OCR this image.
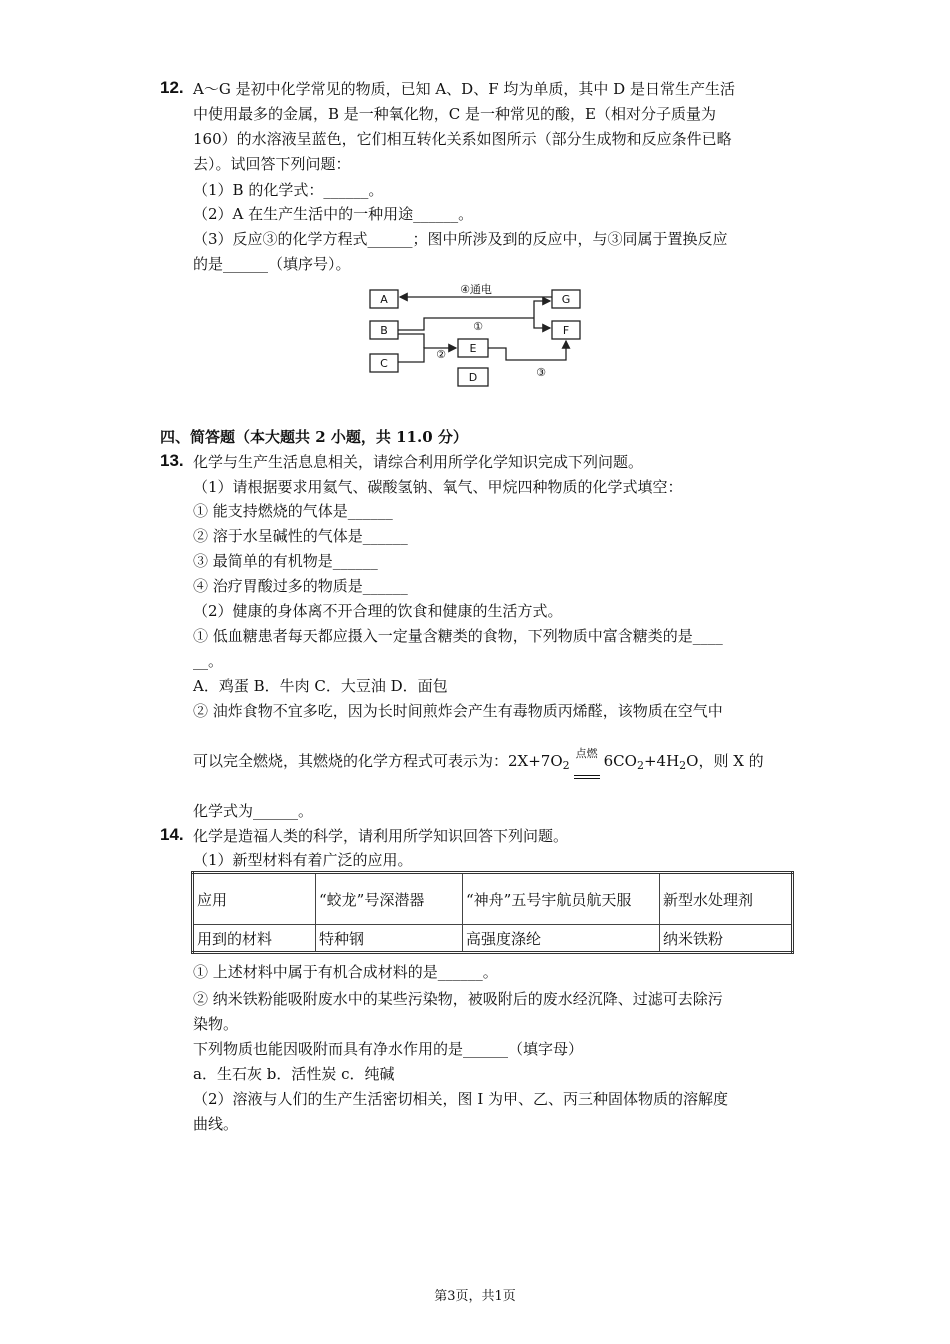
12. A～G 是初中化学常见的物质，已知 A、D、F 均为单质，其中 D 是日常生产生活
中使用最多的金属，B 是一种氧化物，C 是一种常见的酸，E（相对分子质量为
160）的水溶液呈蓝色，它们相互转化关系如图所示（部分生成物和反应条件已略
去）。试回答下列问题：
（1）B 的化学式：______。
（2）A 在生产生活中的一种用途______。
（3）反应③的化学方程式______；图中所涉及到的反应中，与③同属于置换反应
的是______（填序号）。
A
B
C
E
D
G
F
④通电
①
②
③
四、简答题（本大题共 2 小题，共 11.0 分）
13. 化学与生产生活息息相关，请综合利用所学化学知识完成下列问题。
（1）请根据要求用氦气、碳酸氢钠、氧气、甲烷四种物质的化学式填空：
① 能支持燃烧的气体是______
② 溶于水呈碱性的气体是______
③ 最简单的有机物是______
④ 治疗胃酸过多的物质是______
（2）健康的身体离不开合理的饮食和健康的生活方式。
① 低血糖患者每天都应摄入一定量含糖类的食物，下列物质中富含糖类的是____
__。
A．鸡蛋 B．牛肉 C．大豆油 D．面包
② 油炸食物不宜多吃，因为长时间煎炸会产生有毒物质丙烯醛，该物质在空气中
可以完全燃烧，其燃烧的化学方程式可表示为：$2X+7O_2$
点燃 $6CO_2+4H_2O$，则 X 的
化学式为______。
14. 化学是造福人类的科学，请利用所学知识回答下列问题。
（1）新型材料有着广泛的应用。
应用	“蛟龙”号深潜器	“神舟”五号宇航员航天服	新型水处理剂
用到的材料	特种钢	高强度涤纶	纳米铁粉
① 上述材料中属于有机合成材料的是______。
② 纳米铁粉能吸附废水中的某些污染物，被吸附后的废水经沉降、过滤可去除污
染物。
下列物质也能因吸附而具有净水作用的是______（填字母）
a．生石灰 b．活性炭 c．纯碱
（2）溶液与人们的生产生活密切相关，图 I 为甲、乙、丙三种固体物质的溶解度
曲线。
第3页，共1页
